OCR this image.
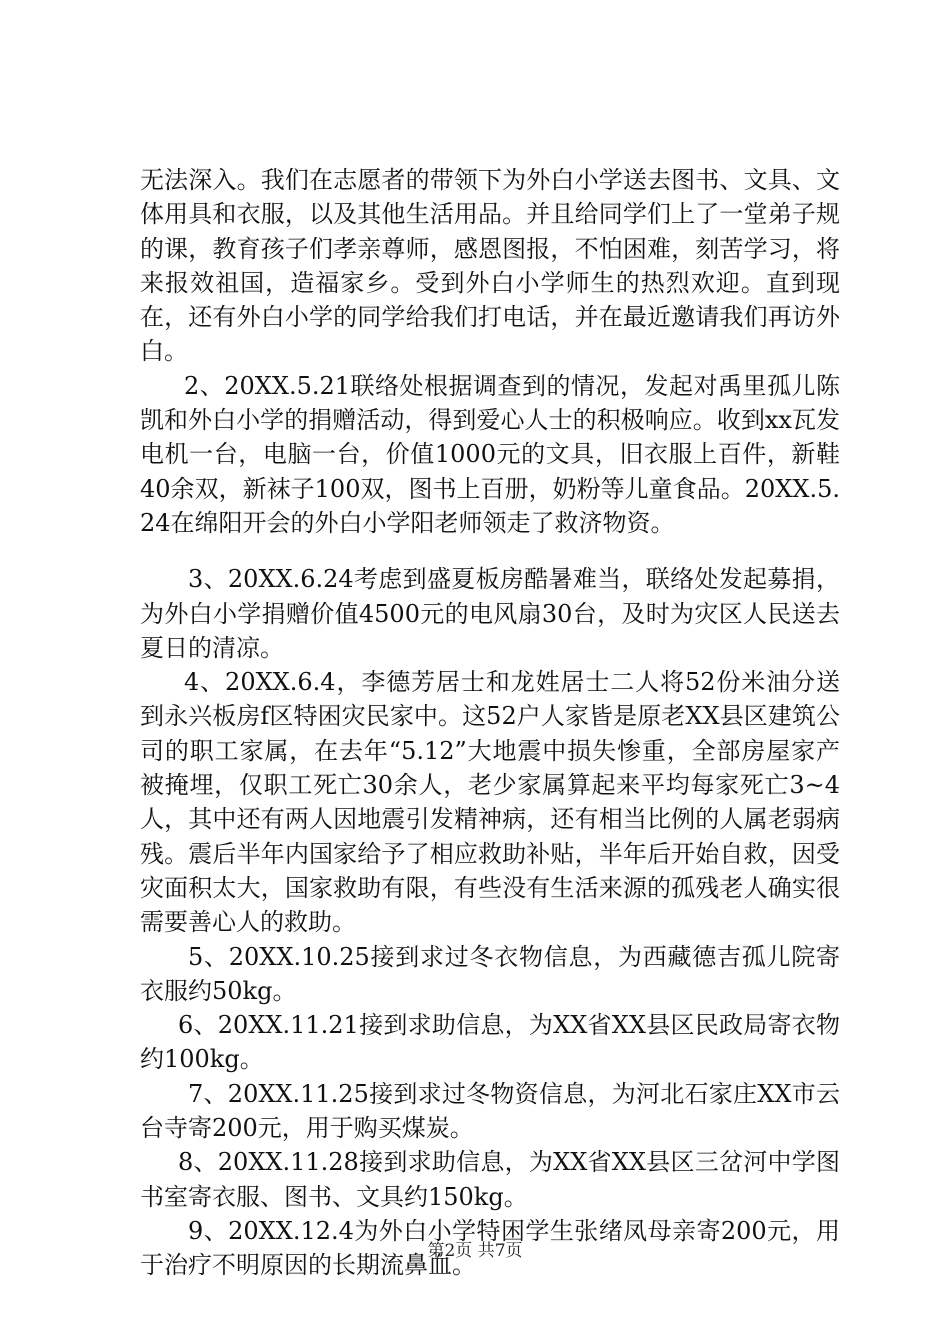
无法深入。我们在志愿者的带领下为外白小学送去图书、文具、文体用具和衣服，以及其他生活用品。并且给同学们上了一堂弟子规的课，教育孩子们孝亲尊师，感恩图报，不怕困难，刻苦学习，将来报效祖国，造福家乡。受到外白小学师生的热烈欢迎。直到现在，还有外白小学的同学给我们打电话，并在最近邀请我们再访外白。

2、20XX.5.21联络处根据调查到的情况，发起对禹里孤儿陈凯和外白小学的捐赠活动，得到爱心人士的积极响应。收到xx瓦发电机一台，电脑一台，价值1000元的文具，旧衣服上百件，新鞋40余双，新袜子100双，图书上百册，奶粉等儿童食品。20XX.5.24在绵阳开会的外白小学阳老师领走了救济物资。

3、20XX.6.24考虑到盛夏板房酷暑难当，联络处发起募捐，为外白小学捐赠价值4500元的电风扇30台，及时为灾区人民送去夏日的清凉。

4、20XX.6.4，李德芳居士和龙姓居士二人将52份米油分送到永兴板房f区特困灾民家中。这52户人家皆是原老XX县区建筑公司的职工家属，在去年“5.12”大地震中损失惨重，全部房屋家产被掩埋，仅职工死亡30余人，老少家属算起来平均每家死亡3~4人，其中还有两人因地震引发精神病，还有相当比例的人属老弱病残。震后半年内国家给予了相应救助补贴，半年后开始自救，因受灾面积太大，国家救助有限，有些没有生活来源的孤残老人确实很需要善心人的救助。

5、20XX.10.25接到求过冬衣物信息，为西藏德吉孤儿院寄衣服约50kg。

6、20XX.11.21接到求助信息，为XX省XX县区民政局寄衣物约100kg。

7、20XX.11.25接到求过冬物资信息，为河北石家庄XX市云台寺寄200元，用于购买煤炭。

8、20XX.11.28接到求助信息，为XX省XX县区三岔河中学图书室寄衣服、图书、文具约150kg。

9、20XX.12.4为外白小学特困学生张绪凤母亲寄200元，用于治疗不明原因的长期流鼻血。

第2页 共7页
